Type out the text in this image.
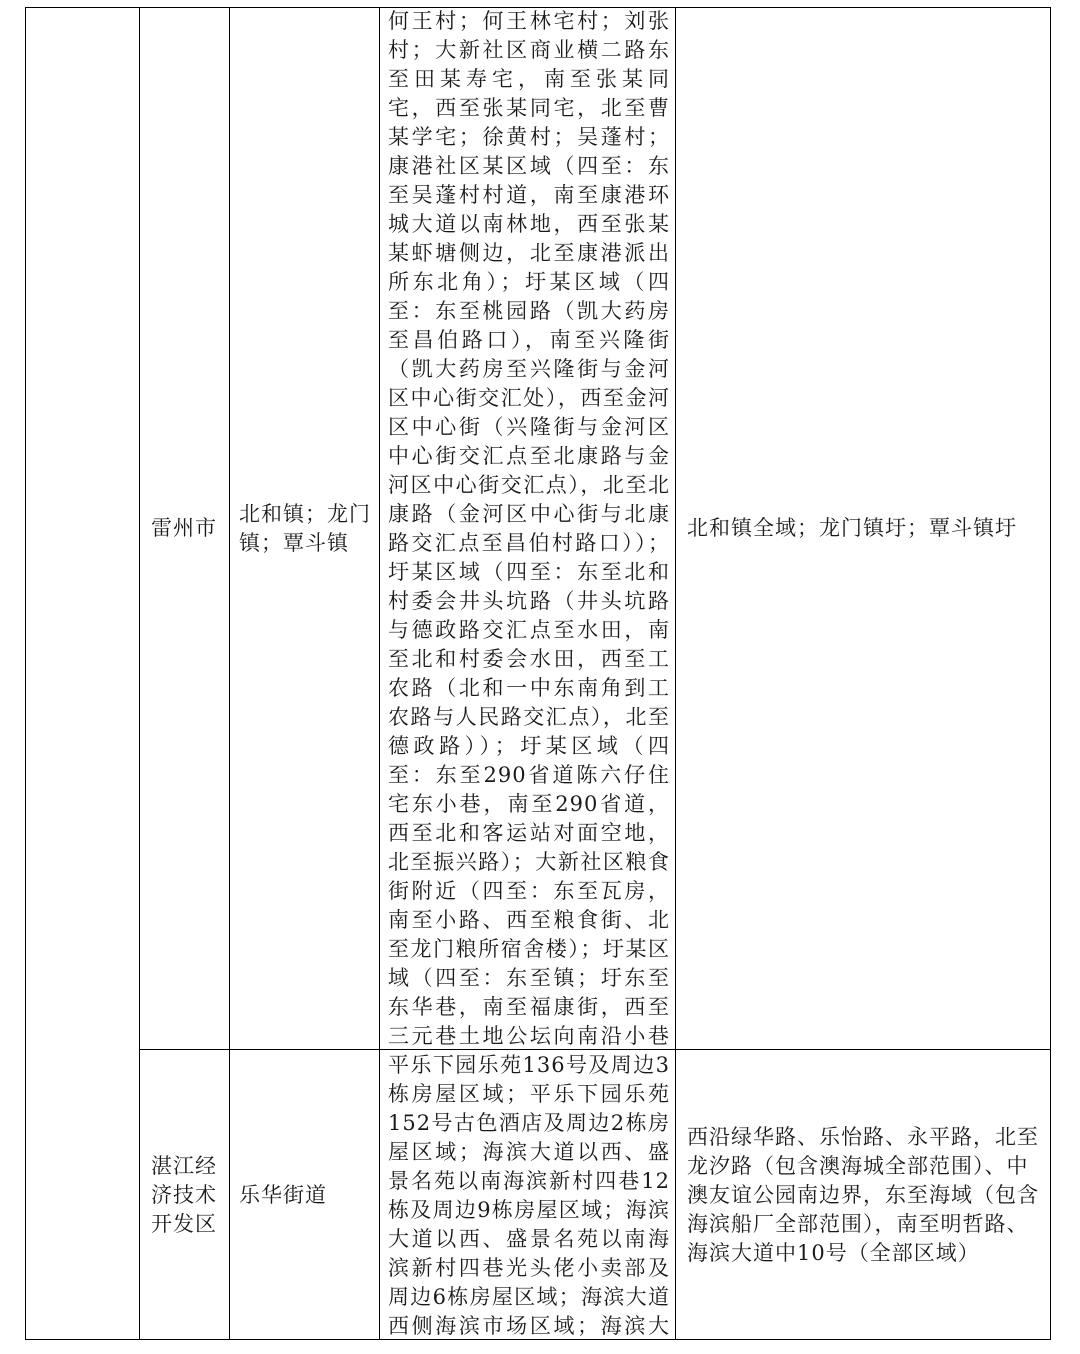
雷州市
北和镇；龙门镇；覃斗镇
何王村；何王林宅村；刘张村；大新社区商业横二路东至田某寿宅，南至张某同宅，西至张某同宅，北至曹某学宅；徐黄村；吴蓬村；康港社区某区域（四至：东至吴蓬村村道，南至康港环城大道以南林地，西至张某某虾塘侧边，北至康港派出所东北角）；圩某区域（四至：东至桃园路（凯大药房至昌伯路口），南至兴隆街（凯大药房至兴隆街与金河区中心街交汇处），西至金河区中心街（兴隆街与金河区中心街交汇点至北康路与金河区中心街交汇点），北至北康路（金河区中心街与北康路交汇点至昌伯村路口））；圩某区域（四至：东至北和村委会井头坑路（井头坑路与德政路交汇点至水田，南至北和村委会水田，西至工农路（北和一中东南角到工农路与人民路交汇点），北至德政路））；圩某区域（四至：东至290省道陈六仔住宅东小巷，南至290省道，西至北和客运站对面空地，北至振兴路）；大新社区粮食街附近（四至：东至瓦房，南至小路、西至粮食街、北至龙门粮所宿舍楼）；圩某区域（四至：东至镇；圩东至东华巷，南至福康街，西至三元巷土地公坛向南沿小巷
北和镇全域；龙门镇圩；覃斗镇圩
湛江经济技术开发区
乐华街道
平乐下园乐苑136号及周边3栋房屋区域；平乐下园乐苑152号古色酒店及周边2栋房屋区域；海滨大道以西、盛景名苑以南海滨新村四巷12栋及周边9栋房屋区域；海滨大道以西、盛景名苑以南海滨新村四巷光头佬小卖部及周边6栋房屋区域；海滨大道西侧海滨市场区域；海滨大
西沿绿华路、乐怡路、永平路，北至龙汐路（包含澳海城全部范围）、中澳友谊公园南边界，东至海域（包含海滨船厂全部范围），南至明哲路、海滨大道中10号（全部区域）
